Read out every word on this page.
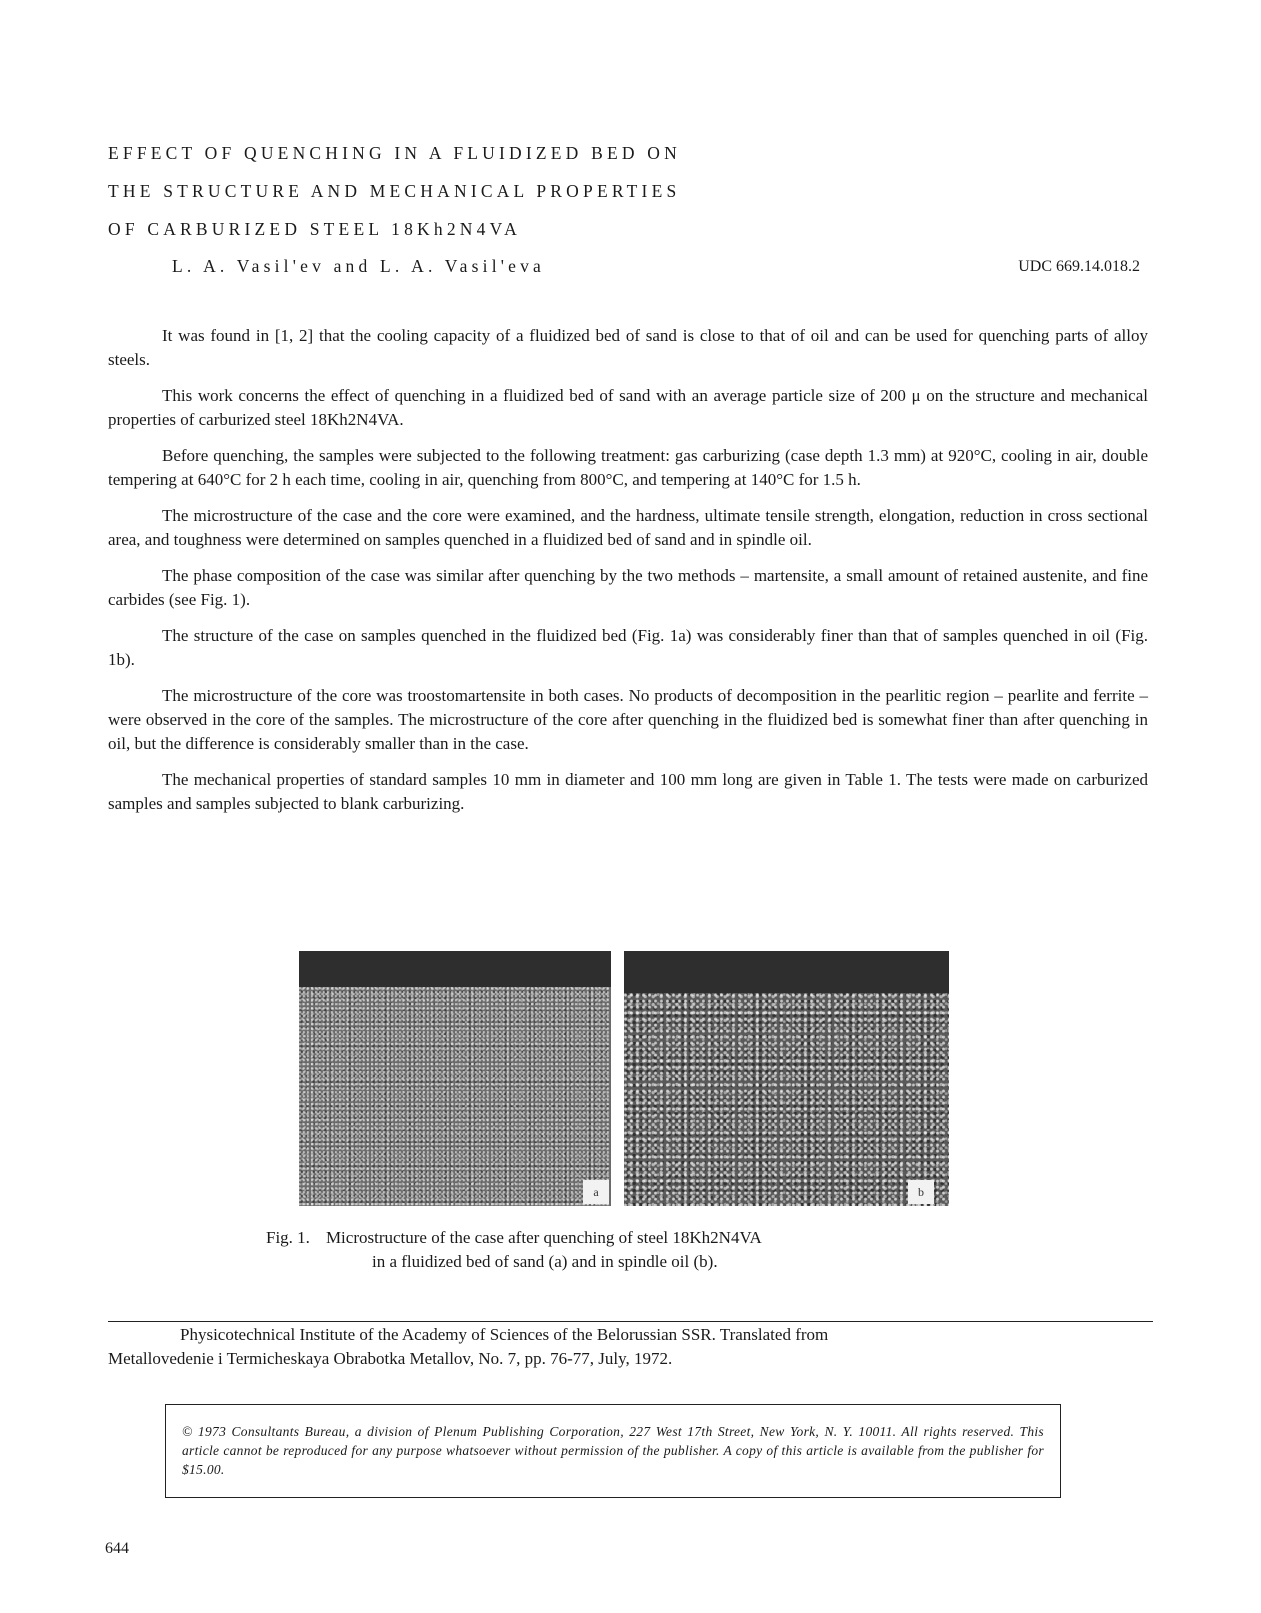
EFFECT OF QUENCHING IN A FLUIDIZED BED ON
THE STRUCTURE AND MECHANICAL PROPERTIES
OF CARBURIZED STEEL 18Kh2N4VA
L. A. Vasil'ev and L. A. Vasil'eva	UDC 669.14.018.2

It was found in [1, 2] that the cooling capacity of a fluidized bed of sand is close to that of oil and can be used for quenching parts of alloy steels.

This work concerns the effect of quenching in a fluidized bed of sand with an average particle size of 200 μ on the structure and mechanical properties of carburized steel 18Kh2N4VA.

Before quenching, the samples were subjected to the following treatment: gas carburizing (case depth 1.3 mm) at 920°C, cooling in air, double tempering at 640°C for 2 h each time, cooling in air, quenching from 800°C, and tempering at 140°C for 1.5 h.

The microstructure of the case and the core were examined, and the hardness, ultimate tensile strength, elongation, reduction in cross sectional area, and toughness were determined on samples quenched in a fluidized bed of sand and in spindle oil.

The phase composition of the case was similar after quenching by the two methods – martensite, a small amount of retained austenite, and fine carbides (see Fig. 1).

The structure of the case on samples quenched in the fluidized bed (Fig. 1a) was considerably finer than that of samples quenched in oil (Fig. 1b).

The microstructure of the core was troostomartensite in both cases. No products of decomposition in the pearlitic region – pearlite and ferrite – were observed in the core of the samples. The microstructure of the core after quenching in the fluidized bed is somewhat finer than after quenching in oil, but the difference is considerably smaller than in the case.

The mechanical properties of standard samples 10 mm in diameter and 100 mm long are given in Table 1. The tests were made on carburized samples and samples subjected to blank carburizing.

a	b
Fig. 1. Microstructure of the case after quenching of steel 18Kh2N4VA
in a fluidized bed of sand (a) and in spindle oil (b).
Physicotechnical Institute of the Academy of Sciences of the Belorussian SSR. Translated from
Metallovedenie i Termicheskaya Obrabotka Metallov, No. 7, pp. 76-77, July, 1972.

© 1973 Consultants Bureau, a division of Plenum Publishing Corporation, 227 West 17th Street, New York, N. Y. 10011. All rights reserved. This article cannot be reproduced for any purpose whatsoever without permission of the publisher. A copy of this article is available from the publisher for $15.00.

644
